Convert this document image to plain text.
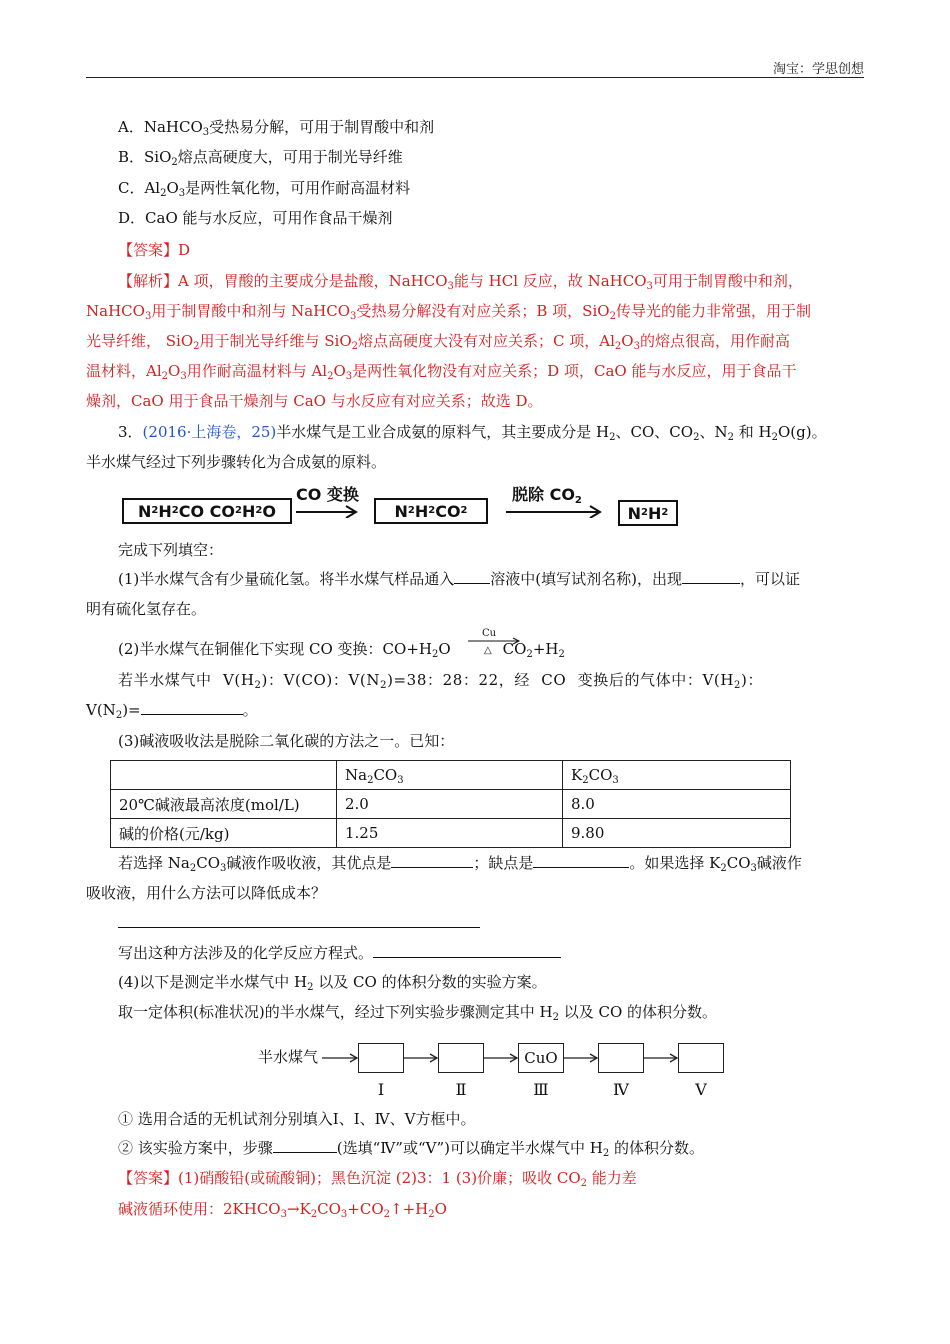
淘宝：学思创想
A．NaHCO$_3$受热易分解，可用于制胃酸中和剂
B．SiO$_2$熔点高硬度大，可用于制光导纤维
C．$Al_2O_3$是两性氧化物，可用作耐高温材料
D．CaO 能与水反应，可用作食品干燥剂
【答案】D
【解析】A 项，胃酸的主要成分是盐酸，NaHCO$_3$能与 HCl 反应，故 NaHCO$_3$可用于制胃酸中和剂，
NaHCO$_3$用于制胃酸中和剂与 NaHCO$_3$受热易分解没有对应关系；B 项，SiO$_2$传导光的能力非常强，用于制
光导纤维， SiO$_2$用于制光导纤维与 SiO$_2$熔点高硬度大没有对应关系；C 项，$Al_2O_3$的熔点很高，用作耐高
温材料，$Al_2O_3$用作耐高温材料与 $Al_2O_3$是两性氧化物没有对应关系；D 项，CaO 能与水反应，用于食品干
燥剂，CaO 用于食品干燥剂与 CaO 与水反应有对应关系；故选 D。
3．(2016·上海卷，25)半水煤气是工业合成氨的原料气，其主要成分是 $H_2$、CO、$CO_2$、$N_2$ 和 $H_2O(g)$。
半水煤气经过下列步骤转化为合成氨的原料。
N 2 H 2 CO CO 2 H 2 O
CO 变换
N 2 H 2 CO 2
脱除 $CO_2$
N 2 H 2
完成下列填空：
(1)半水煤气含有少量硫化氢。将半水煤气样品通入 溶液中(填写试剂名称)，出现	，可以证
明有硫化氢存在。
(2)半水煤气在铜催化下实现 CO 变换：$CO+H_2O$	$CO_2+H_2$
Cu
△
若半水煤气中 $V(H_2)$：V(CO)：$V(N_2)=38$：28：22，经 CO 变换后的气体中：$V(H_2)$：
$V(N_2)=$	。
(3)碱液吸收法是脱除二氧化碳的方法之一。已知：
	$Na_2CO_3$	$K_2CO_3$
20℃碱液最高浓度(mol/L)	2.0	8.0
碱的价格(元/kg)	1.25	9.80
若选择 $Na_2CO_3$碱液作吸收液，其优点是	；缺点是	。如果选择 $K_2CO_3$碱液作
吸收液，用什么方法可以降低成本？
写出这种方法涉及的化学反应方程式。
(4)以下是测定半水煤气中 $H_2$ 以及 CO 的体积分数的实验方案。
取一定体积(标准状况)的半水煤气，经过下列实验步骤测定其中 $H_2$ 以及 CO 的体积分数。
半水煤气	CuO
Ⅰ	Ⅱ	Ⅲ	Ⅳ	Ⅴ
① 选用合适的无机试剂分别填入Ⅰ、Ⅰ、Ⅳ、Ⅴ方框中。
② 该实验方案中，步骤	(选填“Ⅳ”或“Ⅴ”)可以确定半水煤气中 $H_2$ 的体积分数。
【答案】(1)硝酸铅(或硫酸铜)；黑色沉淀 (2)3：1 (3)价廉；吸收 $CO_2$ 能力差
碱液循环使用：$2KHCO_3\to K_2CO_3+CO_2↑+H_2O$
